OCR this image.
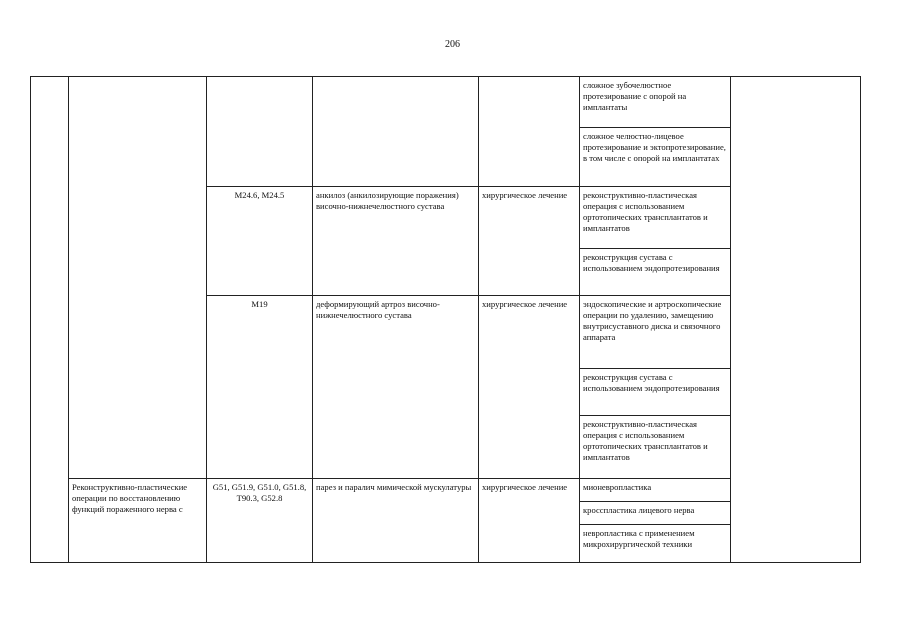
206
					сложное зубочелюстное протезирование с опорой на имплантаты	
					сложное челюстно-лицевое протезирование и эктопротезирование, в том числе с опорой на имплантатах	
		M24.6, M24.5	анкилоз (анкилозирующие поражения) височно-нижнечелюстного сустава	хирургическое лечение	реконструктивно-пластическая операция с использованием ортотопических трансплантатов и имплантатов	
					реконструкция сустава с использованием эндопротезирования	
		M19	деформирующий артроз височно-нижнечелюстного сустава	хирургическое лечение	эндоскопические и артроскопические операции по удалению, замещению внутрисуставного диска и связочного аппарата	
					реконструкция сустава с использованием эндопротезирования	
					реконструктивно-пластическая операция с использованием ортотопических трансплантатов и имплантатов	
	Реконструктивно-пластические операции по восстановлению функций пораженного нерва с	G51, G51.9, G51.0, G51.8, T90.3, G52.8	парез и паралич мимической мускулатуры	хирургическое лечение	мионевропластика	
					кросспластика лицевого нерва	
					невропластика с применением микрохирургической техники	
